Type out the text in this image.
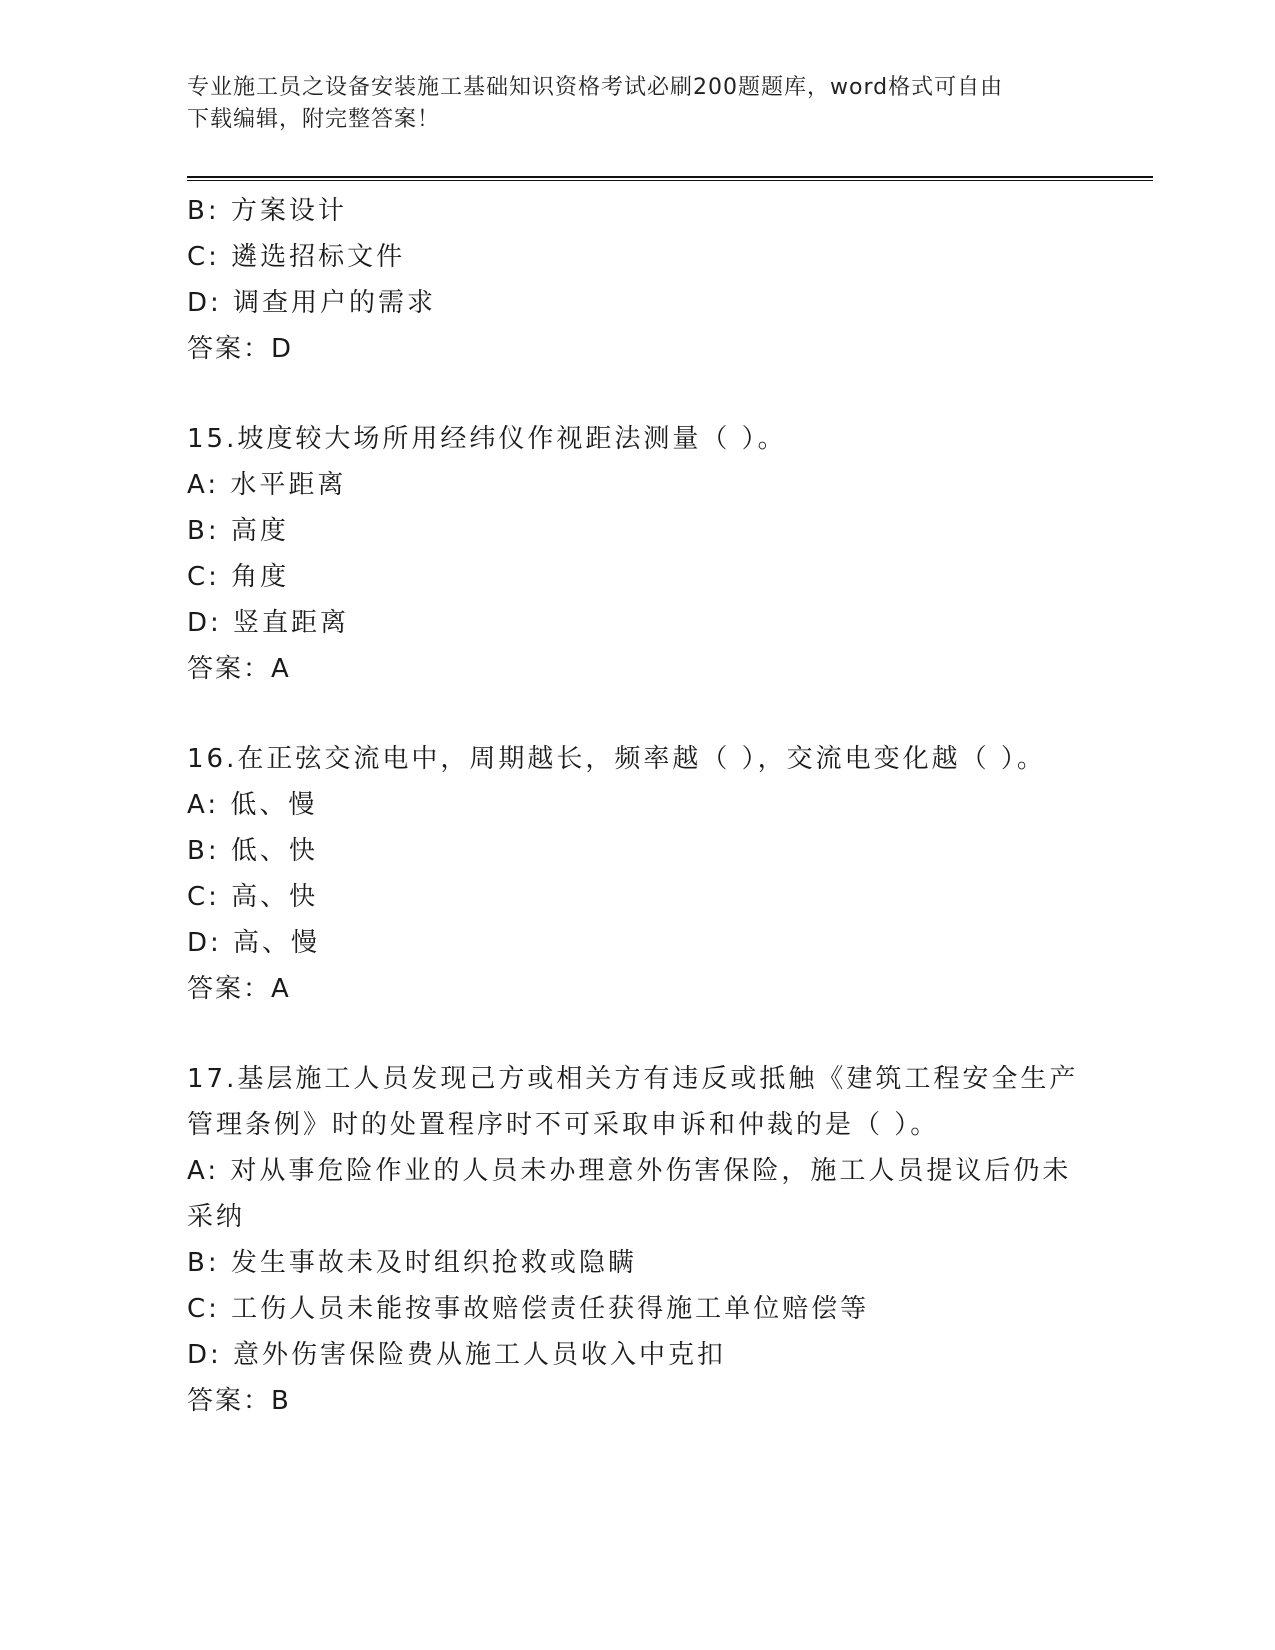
专业施工员之设备安装施工基础知识资格考试必刷200题题库，word格式可自由
下载编辑，附完整答案！
B: 方案设计
C: 遴选招标文件
D: 调查用户的需求
答案：D
15.坡度较大场所用经纬仪作视距法测量（ ）。
A: 水平距离
B: 高度
C: 角度
D: 竖直距离
答案：A
16.在正弦交流电中，周期越长，频率越（ ），交流电变化越（ ）。
A: 低、慢
B: 低、快
C: 高、快
D: 高、慢
答案：A
17.基层施工人员发现己方或相关方有违反或抵触《建筑工程安全生产
管理条例》时的处置程序时不可采取申诉和仲裁的是（ ）。
A: 对从事危险作业的人员未办理意外伤害保险，施工人员提议后仍未
采纳
B: 发生事故未及时组织抢救或隐瞒
C: 工伤人员未能按事故赔偿责任获得施工单位赔偿等
D: 意外伤害保险费从施工人员收入中克扣
答案：B
